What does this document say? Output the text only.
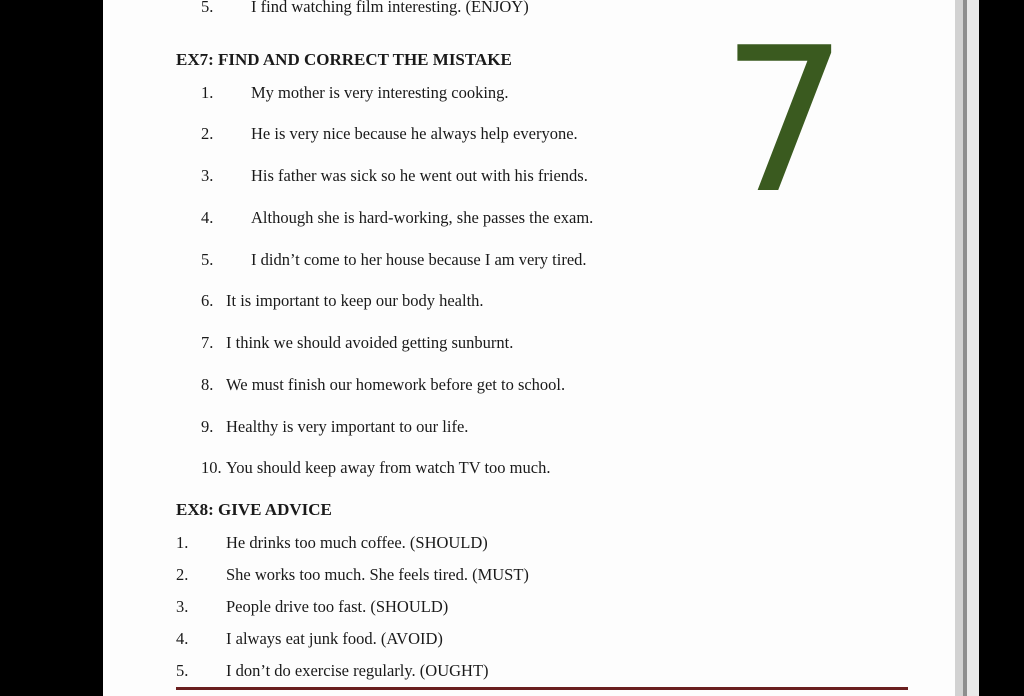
5. I find watching film interesting. (ENJOY)
EX7: FIND AND CORRECT THE MISTAKE
1. My mother is very interesting cooking.
2. He is very nice because he always help everyone.
3. His father was sick so he went out with his friends.
4. Although she is hard-working, she passes the exam.
5. I didn’t come to her house because I am very tired.
6. It is important to keep our body health.
7. I think we should avoided getting sunburnt.
8. We must finish our homework before get to school.
9. Healthy is very important to our life.
10. You should keep away from watch TV too much.
EX8: GIVE ADVICE
1. He drinks too much coffee. (SHOULD)
2. She works too much. She feels tired. (MUST)
3. People drive too fast. (SHOULD)
4. I always eat junk food. (AVOID)
5. I don’t do exercise regularly. (OUGHT)
7
